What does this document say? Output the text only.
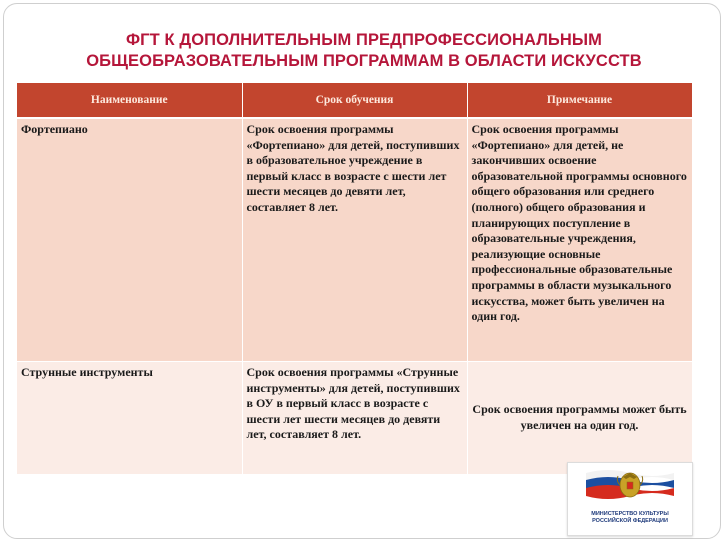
ФГТ К ДОПОЛНИТЕЛЬНЫМ ПРЕДПРОФЕССИОНАЛЬНЫМ
ОБЩЕОБРАЗОВАТЕЛЬНЫМ ПРОГРАММАМ В ОБЛАСТИ ИСКУССТВ
Наименование	Срок обучения	Примечание
Фортепиано	Срок освоения программы «Фортепиано» для детей, поступивших в образовательное учреждение в первый класс в возрасте с шести лет шести месяцев до девяти лет, составляет 8 лет.	Срок освоения программы «Фортепиано» для детей, не закончивших освоение образовательной программы основного общего образования или среднего (полного) общего образования и планирующих поступление в образовательные учреждения, реализующие основные профессиональные образовательные программы в области музыкального искусства, может быть увеличен на один год.
Струнные инструменты	Срок освоения программы «Струнные инструменты» для детей, поступивших в ОУ в первый класс в возрасте с шести лет шести месяцев до девяти лет, составляет 8 лет.	Срок освоения программы может быть увеличен на один год.
МИНИСТЕРСТВО КУЛЬТУРЫ
РОССИЙСКОЙ ФЕДЕРАЦИИ
